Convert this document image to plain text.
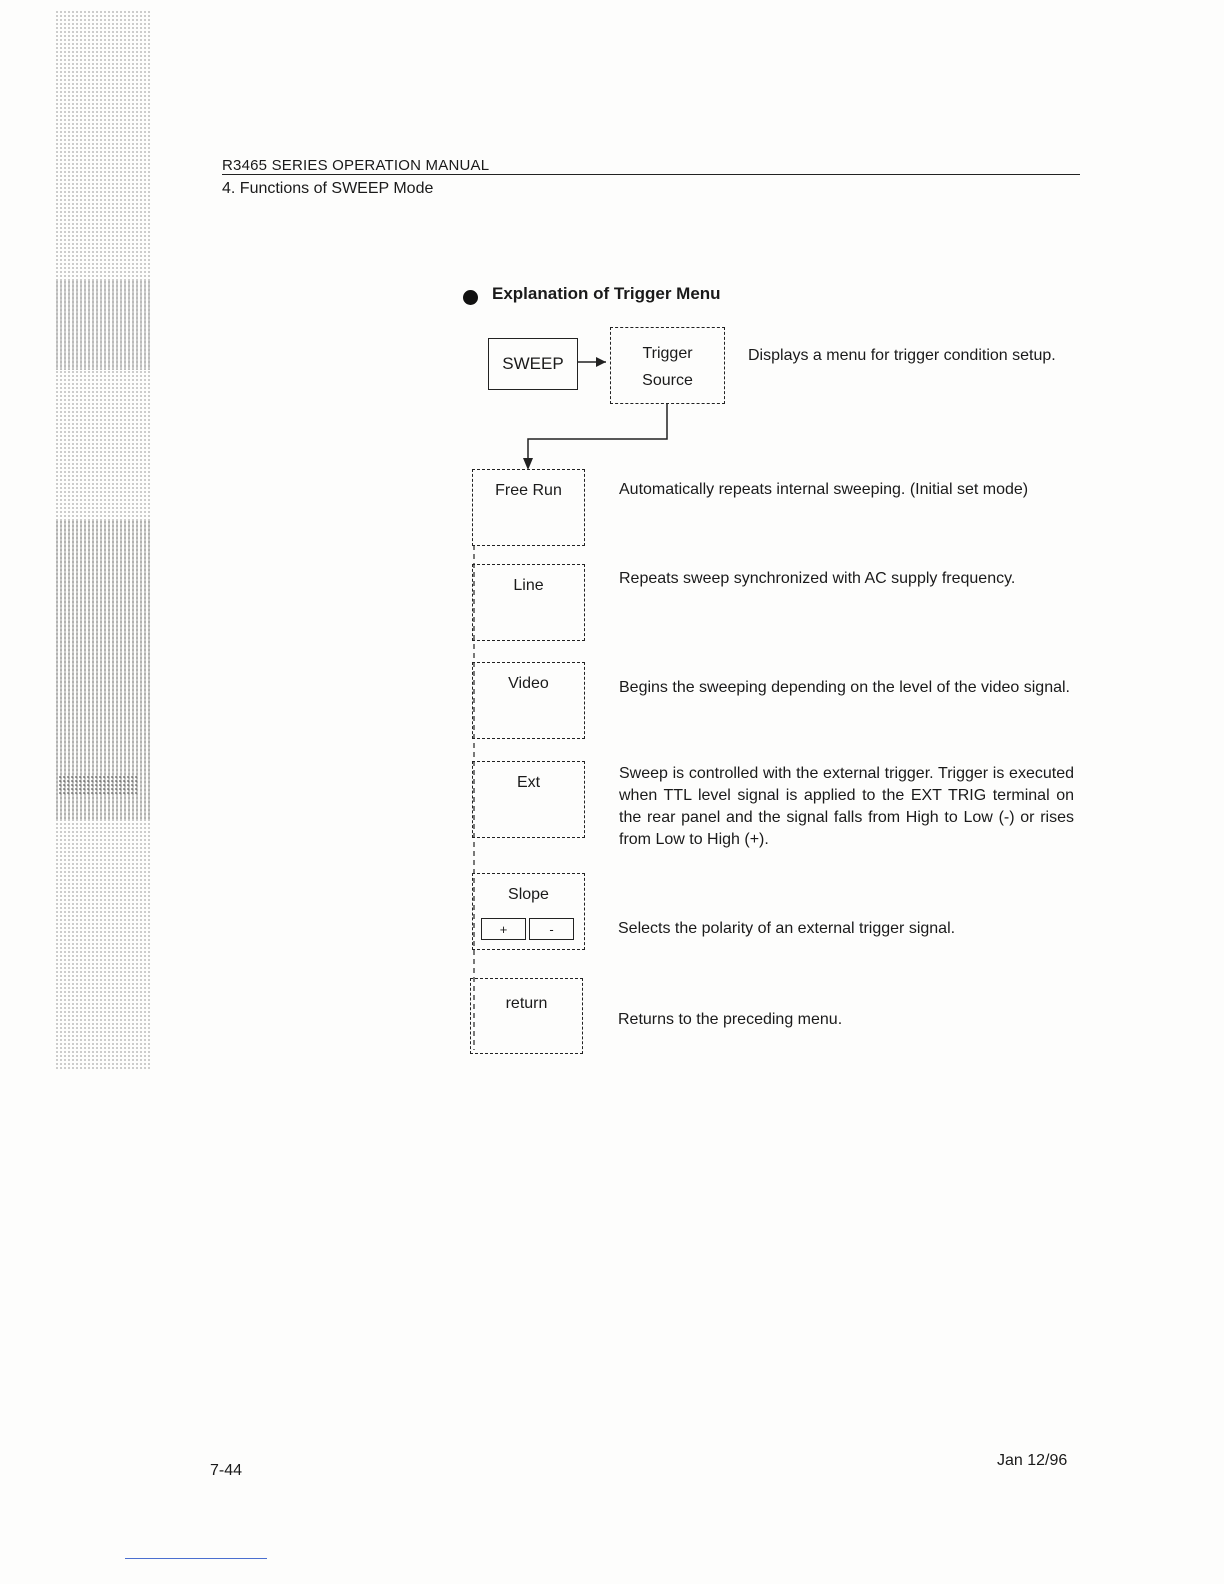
R3465 SERIES OPERATION MANUAL
4. Functions of SWEEP Mode
Explanation of Trigger Menu
SWEEP
Trigger
Source
Displays a menu for trigger condition setup.
Free Run	Automatically repeats internal sweeping. (Initial set mode)
Line	Repeats sweep synchronized with AC supply frequency.
Video	Begins the sweeping depending on the level of the video signal.
Ext
Sweep is controlled with the external trigger. Trigger is executed when TTL level signal is applied to the EXT TRIG terminal on the rear panel and the signal falls from High to Low (-) or rises from Low to High (+).
Slope
+	-	Selects the polarity of an external trigger signal.
return
Returns to the preceding menu.
7-44
Jan 12/96
